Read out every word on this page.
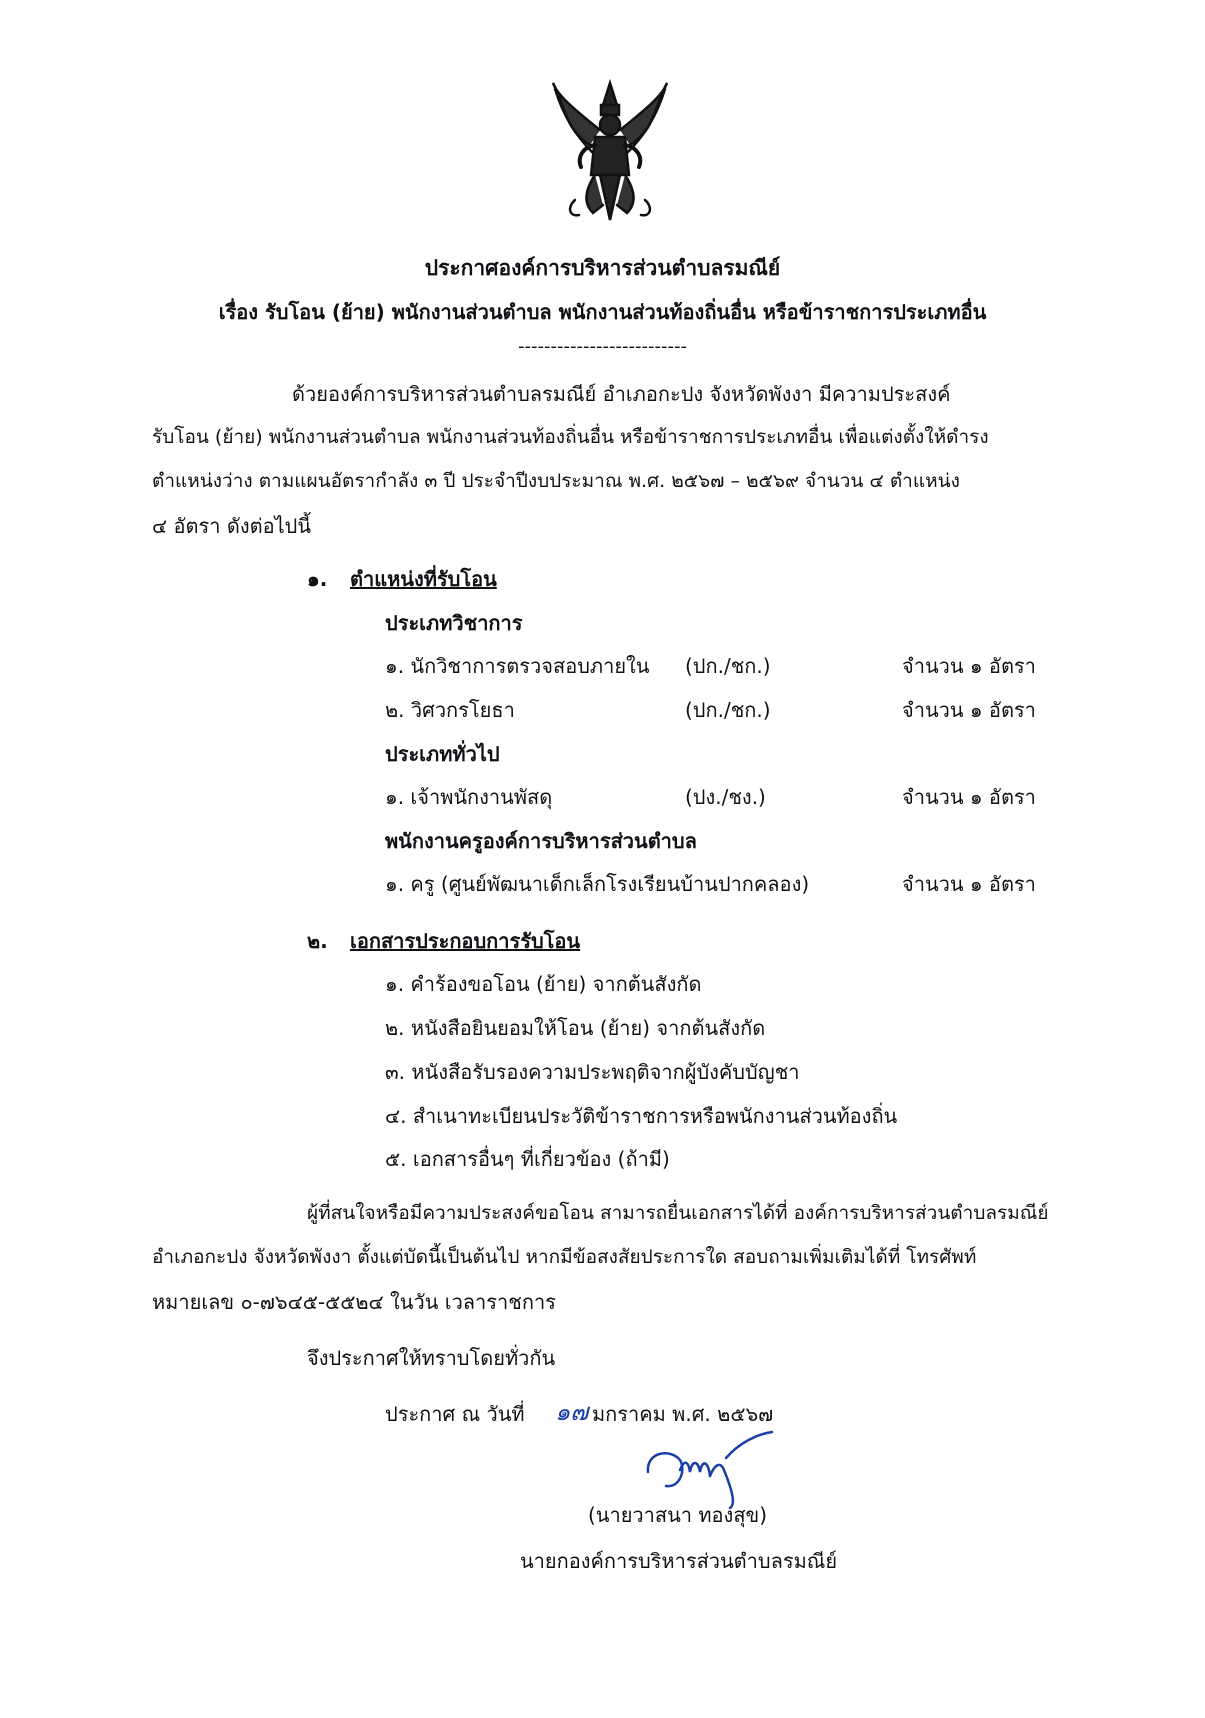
ประกาศองค์การบริหารส่วนตำบลรมณีย์
เรื่อง รับโอน (ย้าย) พนักงานส่วนตำบล พนักงานส่วนท้องถิ่นอื่น หรือข้าราชการประเภทอื่น
--------------------------
ด้วยองค์การบริหารส่วนตำบลรมณีย์ อำเภอกะปง จังหวัดพังงา มีความประสงค์
รับโอน (ย้าย) พนักงานส่วนตำบล พนักงานส่วนท้องถิ่นอื่น หรือข้าราชการประเภทอื่น เพื่อแต่งตั้งให้ดำรง
ตำแหน่งว่าง ตามแผนอัตรากำลัง ๓ ปี ประจำปีงบประมาณ พ.ศ. ๒๕๖๗ – ๒๕๖๙ จำนวน ๔ ตำแหน่ง
๔ อัตรา ดังต่อไปนี้
๑. ตำแหน่งที่รับโอน
ประเภทวิชาการ
๑. นักวิชาการตรวจสอบภายใน (ปก./ชก.)	จำนวน ๑ อัตรา
๒. วิศวกรโยธา	(ปก./ชก.)	จำนวน ๑ อัตรา
ประเภททั่วไป
๑. เจ้าพนักงานพัสดุ	(ปง./ชง.)	จำนวน ๑ อัตรา
พนักงานครูองค์การบริหารส่วนตำบล
๑. ครู (ศูนย์พัฒนาเด็กเล็กโรงเรียนบ้านปากคลอง)	จำนวน ๑ อัตรา
๒. เอกสารประกอบการรับโอน
๑. คำร้องขอโอน (ย้าย) จากต้นสังกัด
๒. หนังสือยินยอมให้โอน (ย้าย) จากต้นสังกัด
๓. หนังสือรับรองความประพฤติจากผู้บังคับบัญชา
๔. สำเนาทะเบียนประวัติข้าราชการหรือพนักงานส่วนท้องถิ่น
๕. เอกสารอื่นๆ ที่เกี่ยวข้อง (ถ้ามี)
ผู้ที่สนใจหรือมีความประสงค์ขอโอน สามารถยื่นเอกสารได้ที่ องค์การบริหารส่วนตำบลรมณีย์
อำเภอกะปง จังหวัดพังงา ตั้งแต่บัดนี้เป็นต้นไป หากมีข้อสงสัยประการใด สอบถามเพิ่มเติมได้ที่ โทรศัพท์
หมายเลข ๐-๗๖๔๕-๕๕๒๔ ในวัน เวลาราชการ
จึงประกาศให้ทราบโดยทั่วกัน
ประกาศ ณ วันที่ ๑๗ มกราคม พ.ศ. ๒๕๖๗
(นายวาสนา ทองสุข)
นายกองค์การบริหารส่วนตำบลรมณีย์
